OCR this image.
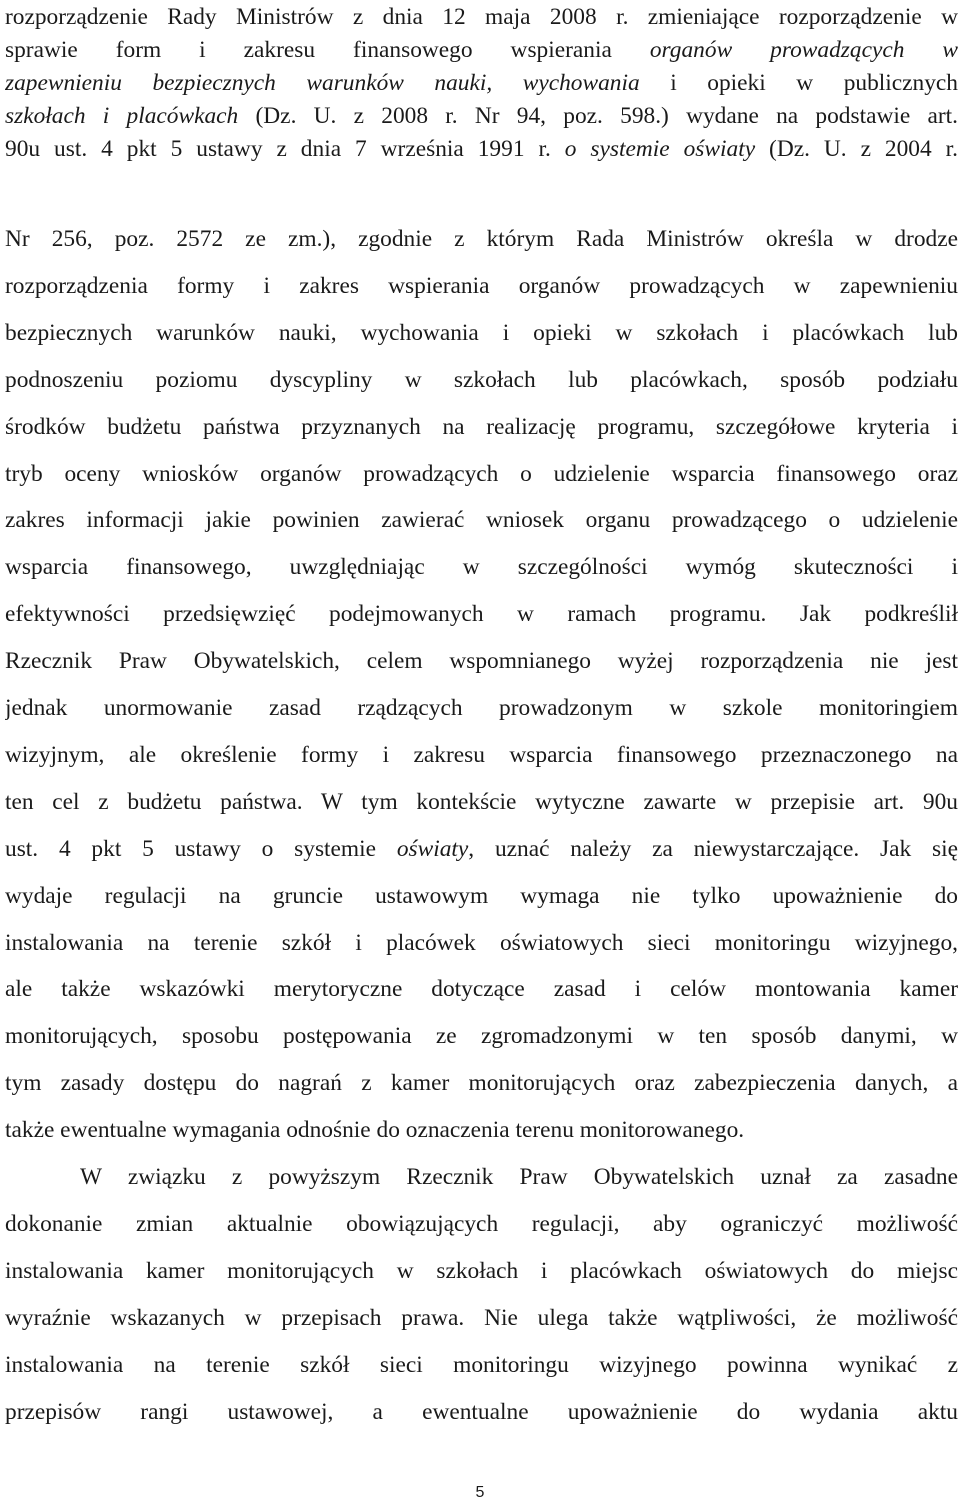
rozporządzenie Rady Ministrów z dnia 12 maja 2008 r. zmieniające rozporządzenie w
sprawie form i zakresu finansowego wspierania organów prowadzących w
zapewnieniu bezpiecznych warunków nauki, wychowania i opieki w publicznych
szkołach i placówkach (Dz. U. z 2008 r. Nr 94, poz. 598.) wydane na podstawie art.
90u ust. 4 pkt 5 ustawy z dnia 7 września 1991 r. o systemie oświaty (Dz. U. z 2004 r.
Nr 256, poz. 2572 ze zm.), zgodnie z którym Rada Ministrów określa w drodze
rozporządzenia formy i zakres wspierania organów prowadzących w zapewnieniu
bezpiecznych warunków nauki, wychowania i opieki w szkołach i placówkach lub
podnoszeniu poziomu dyscypliny w szkołach lub placówkach, sposób podziału
środków budżetu państwa przyznanych na realizację programu, szczegółowe kryteria i
tryb oceny wniosków organów prowadzących o udzielenie wsparcia finansowego oraz
zakres informacji jakie powinien zawierać wniosek organu prowadzącego o udzielenie
wsparcia finansowego, uwzględniając w szczególności wymóg skuteczności i
efektywności przedsięwzięć podejmowanych w ramach programu. Jak podkreślił
Rzecznik Praw Obywatelskich, celem wspomnianego wyżej rozporządzenia nie jest
jednak unormowanie zasad rządzących prowadzonym w szkole monitoringiem
wizyjnym, ale określenie formy i zakresu wsparcia finansowego przeznaczonego na
ten cel z budżetu państwa. W tym kontekście wytyczne zawarte w przepisie art. 90u
ust. 4 pkt 5 ustawy o systemie oświaty, uznać należy za niewystarczające. Jak się
wydaje regulacji na gruncie ustawowym wymaga nie tylko upoważnienie do
instalowania na terenie szkół i placówek oświatowych sieci monitoringu wizyjnego,
ale także wskazówki merytoryczne dotyczące zasad i celów montowania kamer
monitorujących, sposobu postępowania ze zgromadzonymi w ten sposób danymi, w
tym zasady dostępu do nagrań z kamer monitorujących oraz zabezpieczenia danych, a
także ewentualne wymagania odnośnie do oznaczenia terenu monitorowanego.
W związku z powyższym Rzecznik Praw Obywatelskich uznał za zasadne
dokonanie zmian aktualnie obowiązujących regulacji, aby ograniczyć możliwość
instalowania kamer monitorujących w szkołach i placówkach oświatowych do miejsc
wyraźnie wskazanych w przepisach prawa. Nie ulega także wątpliwości, że możliwość
instalowania na terenie szkół sieci monitoringu wizyjnego powinna wynikać z
przepisów rangi ustawowej, a ewentualne upoważnienie do wydania aktu
5
